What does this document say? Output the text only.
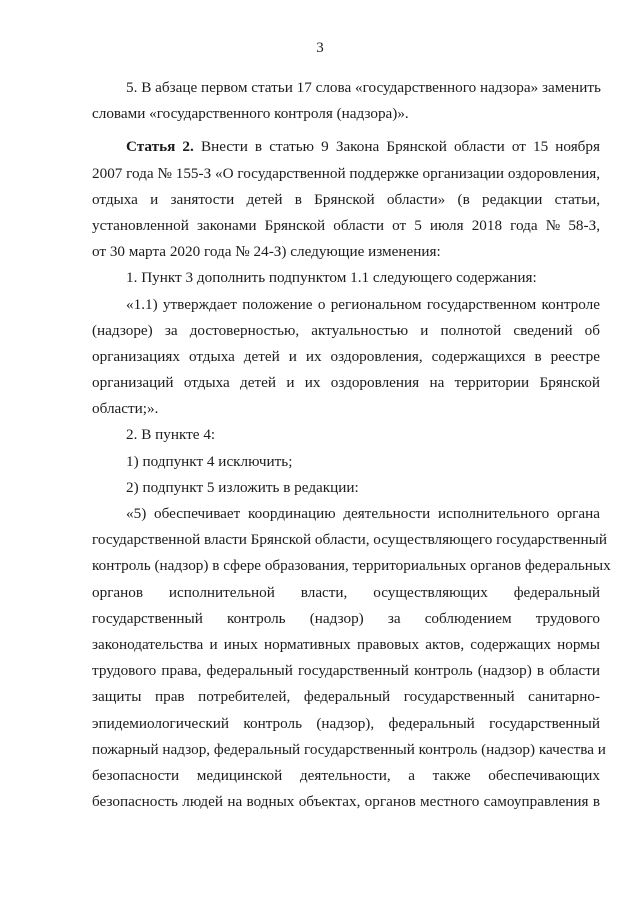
3
5. В абзаце первом статьи 17 слова «государственного надзора» заменить
словами «государственного контроля (надзора)».
Статья 2. Внести в статью 9 Закона Брянской области от 15 ноября
2007 года № 155-З «О государственной поддержке организации оздоровления,
отдыха и занятости детей в Брянской области» (в редакции статьи,
установленной законами Брянской области от 5 июля 2018 года № 58-З,
от 30 марта 2020 года № 24-З) следующие изменения:
1. Пункт 3 дополнить подпунктом 1.1 следующего содержания:
«1.1) утверждает положение о региональном государственном контроле
(надзоре) за достоверностью, актуальностью и полнотой сведений об
организациях отдыха детей и их оздоровления, содержащихся в реестре
организаций отдыха детей и их оздоровления на территории Брянской
области;».
2. В пункте 4:
1) подпункт 4 исключить;
2) подпункт 5 изложить в редакции:
«5) обеспечивает координацию деятельности исполнительного органа
государственной власти Брянской области, осуществляющего государственный
контроль (надзор) в сфере образования, территориальных органов федеральных
органов исполнительной власти, осуществляющих федеральный
государственный контроль (надзор) за соблюдением трудового
законодательства и иных нормативных правовых актов, содержащих нормы
трудового права, федеральный государственный контроль (надзор) в области
защиты прав потребителей, федеральный государственный санитарно-
эпидемиологический контроль (надзор), федеральный государственный
пожарный надзор, федеральный государственный контроль (надзор) качества и
безопасности медицинской деятельности, а также обеспечивающих
безопасность людей на водных объектах, органов местного самоуправления в
